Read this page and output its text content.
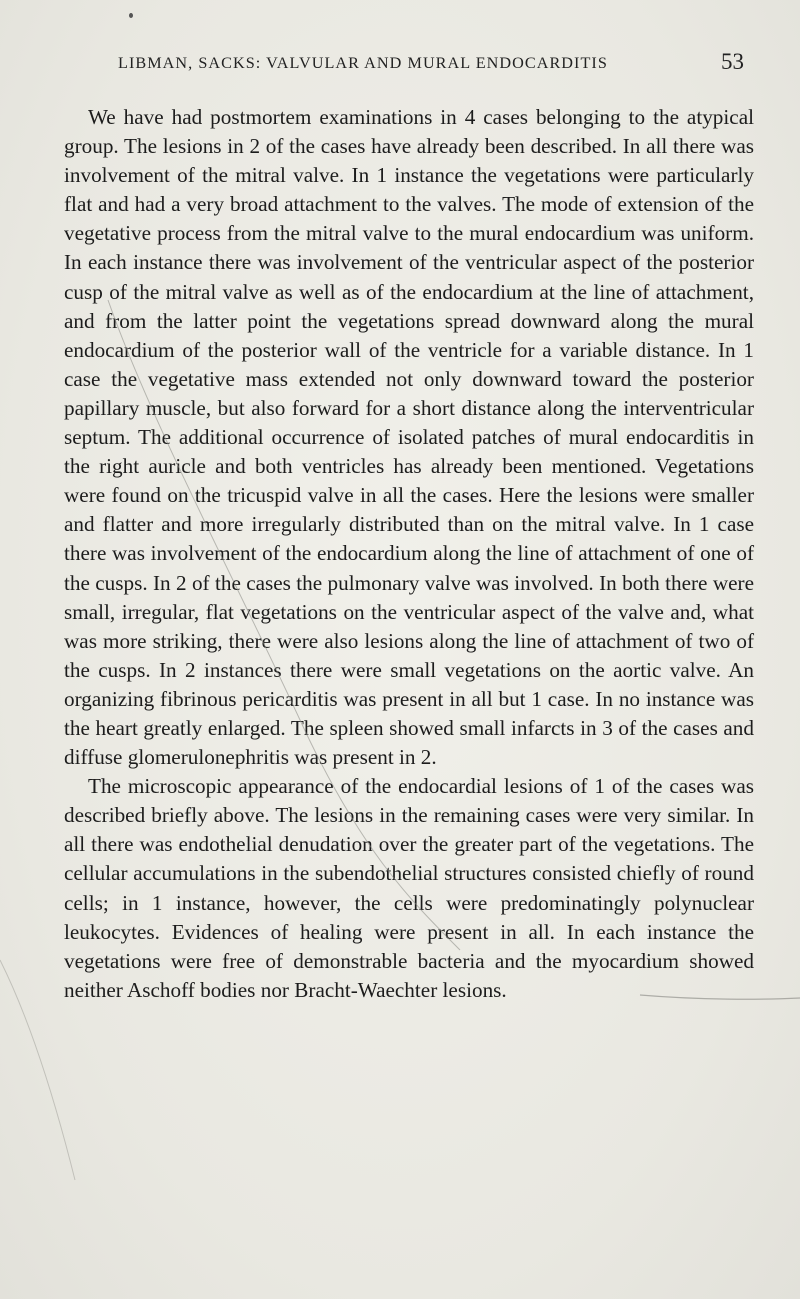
LIBMAN, SACKS: VALVULAR AND MURAL ENDOCARDITIS	53

We have had postmortem examinations in 4 cases belonging to the atypical group. The lesions in 2 of the cases have already been described. In all there was involvement of the mitral valve. In 1 instance the vegetations were particularly flat and had a very broad attachment to the valves. The mode of extension of the vegetative process from the mitral valve to the mural endocardium was uniform. In each instance there was involvement of the ventricular aspect of the posterior cusp of the mitral valve as well as of the endocardium at the line of attachment, and from the latter point the vegetations spread downward along the mural endocardium of the posterior wall of the ventricle for a variable distance. In 1 case the vegetative mass extended not only downward toward the posterior papillary muscle, but also forward for a short distance along the interventricular septum. The additional occurrence of isolated patches of mural endocarditis in the right auricle and both ventricles has already been mentioned. Vegetations were found on the tricuspid valve in all the cases. Here the lesions were smaller and flatter and more irregularly distributed than on the mitral valve. In 1 case there was involvement of the endocardium along the line of attachment of one of the cusps. In 2 of the cases the pulmonary valve was involved. In both there were small, irregular, flat vegetations on the ventricular aspect of the valve and, what was more striking, there were also lesions along the line of attachment of two of the cusps. In 2 instances there were small vegetations on the aortic valve. An organizing fibrinous pericarditis was present in all but 1 case. In no instance was the heart greatly enlarged. The spleen showed small infarcts in 3 of the cases and diffuse glomerulonephritis was present in 2.

The microscopic appearance of the endocardial lesions of 1 of the cases was described briefly above. The lesions in the remaining cases were very similar. In all there was endothelial denudation over the greater part of the vegetations. The cellular accumulations in the subendothelial structures consisted chiefly of round cells; in 1 instance, however, the cells were predominatingly polynuclear leukocytes. Evidences of healing were present in all. In each instance the vegetations were free of demonstrable bacteria and the myocardium showed neither Aschoff bodies nor Bracht-Waechter lesions.
